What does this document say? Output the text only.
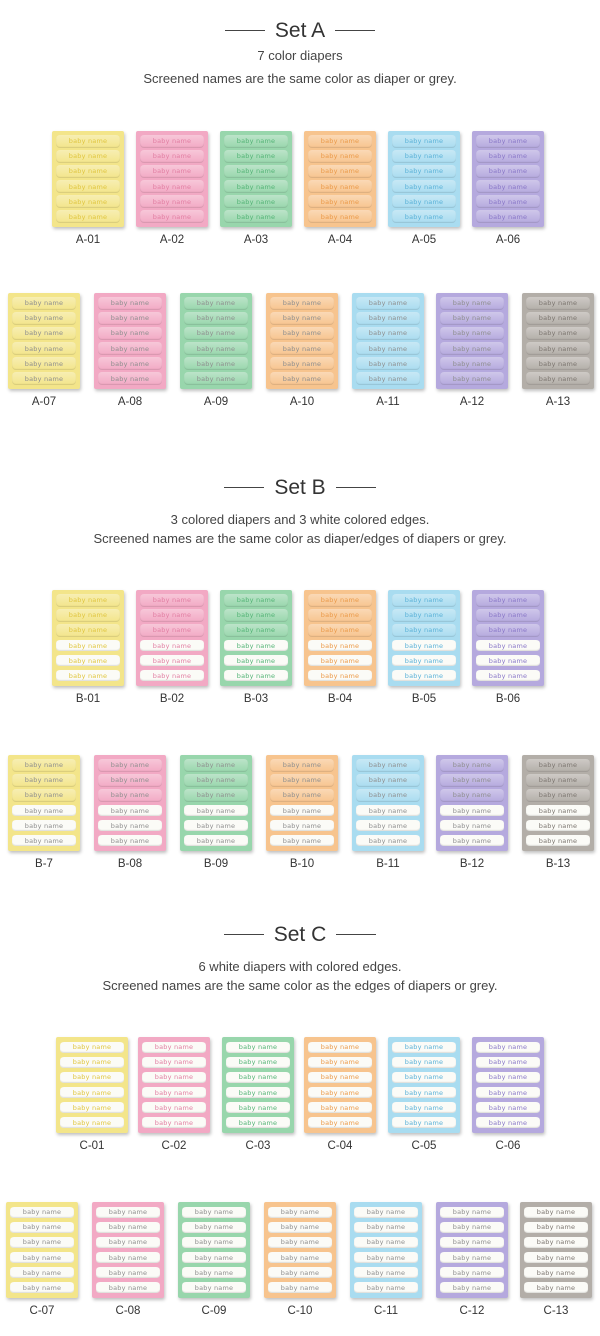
Set A
7 color diapers
Screened names are the same color as diaper or grey.
baby name
baby name
baby name
baby name
baby name
baby name
A-01
baby name
baby name
baby name
baby name
baby name
baby name
A-02
baby name
baby name
baby name
baby name
baby name
baby name
A-03
baby name
baby name
baby name
baby name
baby name
baby name
A-04
baby name
baby name
baby name
baby name
baby name
baby name
A-05
baby name
baby name
baby name
baby name
baby name
baby name
A-06
baby name
baby name
baby name
baby name
baby name
baby name
A-07
baby name
baby name
baby name
baby name
baby name
baby name
A-08
baby name
baby name
baby name
baby name
baby name
baby name
A-09
baby name
baby name
baby name
baby name
baby name
baby name
A-10
baby name
baby name
baby name
baby name
baby name
baby name
A-11
baby name
baby name
baby name
baby name
baby name
baby name
A-12
baby name
baby name
baby name
baby name
baby name
baby name
A-13
Set B
3 colored diapers and 3 white colored edges.
Screened names are the same color as diaper/edges of diapers or grey.
baby name
baby name
baby name
baby name
baby name
baby name
B-01
baby name
baby name
baby name
baby name
baby name
baby name
B-02
baby name
baby name
baby name
baby name
baby name
baby name
B-03
baby name
baby name
baby name
baby name
baby name
baby name
B-04
baby name
baby name
baby name
baby name
baby name
baby name
B-05
baby name
baby name
baby name
baby name
baby name
baby name
B-06
baby name
baby name
baby name
baby name
baby name
baby name
B-7
baby name
baby name
baby name
baby name
baby name
baby name
B-08
baby name
baby name
baby name
baby name
baby name
baby name
B-09
baby name
baby name
baby name
baby name
baby name
baby name
B-10
baby name
baby name
baby name
baby name
baby name
baby name
B-11
baby name
baby name
baby name
baby name
baby name
baby name
B-12
baby name
baby name
baby name
baby name
baby name
baby name
B-13
Set C
6 white diapers with colored edges.
Screened names are the same color as the edges of diapers or grey.
baby name
baby name
baby name
baby name
baby name
baby name
C-01
baby name
baby name
baby name
baby name
baby name
baby name
C-02
baby name
baby name
baby name
baby name
baby name
baby name
C-03
baby name
baby name
baby name
baby name
baby name
baby name
C-04
baby name
baby name
baby name
baby name
baby name
baby name
C-05
baby name
baby name
baby name
baby name
baby name
baby name
C-06
baby name
baby name
baby name
baby name
baby name
baby name
C-07
baby name
baby name
baby name
baby name
baby name
baby name
C-08
baby name
baby name
baby name
baby name
baby name
baby name
C-09
baby name
baby name
baby name
baby name
baby name
baby name
C-10
baby name
baby name
baby name
baby name
baby name
baby name
C-11
baby name
baby name
baby name
baby name
baby name
baby name
C-12
baby name
baby name
baby name
baby name
baby name
baby name
C-13
